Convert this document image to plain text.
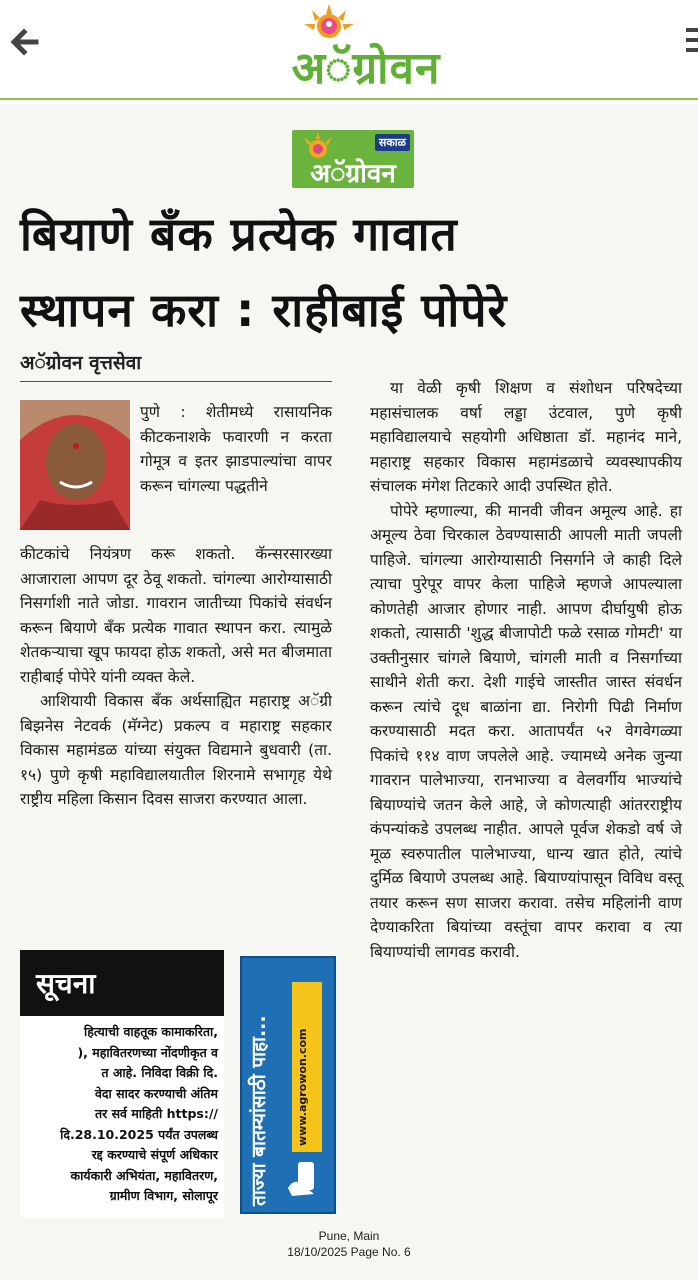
अॅग्रोवन
सकाळ
अॅग्रोवन
बियाणे बँक प्रत्येक गावात
स्थापन करा : राहीबाई पोपेरे
अॅग्रोवन वृत्तसेवा
पुणे : शेतीमध्ये रासायनिक कीटकनाशके फवारणी न करता गोमूत्र व इतर झाडपाल्यांचा वापर करून चांगल्या पद्धतीने

कीटकांचे नियंत्रण करू शकतो. कॅन्सरसारख्या आजाराला आपण दूर ठेवू शकतो. चांगल्या आरोग्यासाठी निसर्गाशी नाते जोडा. गावरान जातीच्या पिकांचे संवर्धन करून बियाणे बँक प्रत्येक गावात स्थापन करा. त्यामुळे शेतकऱ्याचा खूप फायदा होऊ शकतो, असे मत बीजमाता राहीबाई पोपेरे यांनी व्यक्त केले.

आशियायी विकास बँक अर्थसाह्यित महाराष्ट्र अॅग्री बिझनेस नेटवर्क (मॅग्नेट) प्रकल्प व महाराष्ट्र सहकार विकास महामंडळ यांच्या संयुक्त विद्यमाने बुधवारी (ता. १५) पुणे कृषी महाविद्यालयातील शिरनामे सभागृह येथे राष्ट्रीय महिला किसान दिवस साजरा करण्यात आला.

या वेळी कृषी शिक्षण व संशोधन परिषदेच्या महासंचालक वर्षा लड्डा उंटवाल, पुणे कृषी महाविद्यालयाचे सहयोगी अधिष्ठाता डॉ. महानंद माने, महाराष्ट्र सहकार विकास महामंडळाचे व्यवस्थापकीय संचालक मंगेश तिटकारे आदी उपस्थित होते.

पोपेरे म्हणाल्या, की मानवी जीवन अमूल्य आहे. हा अमूल्य ठेवा चिरकाल ठेवण्यासाठी आपली माती जपली पाहिजे. चांगल्या आरोग्यासाठी निसर्गाने जे काही दिले त्याचा पुरेपूर वापर केला पाहिजे म्हणजे आपल्याला कोणतेही आजार होणार नाही. आपण दीर्घायुषी होऊ शकतो, त्यासाठी 'शुद्ध बीजापोटी फळे रसाळ गोमटी' या उक्तीनुसार चांगले बियाणे, चांगली माती व निसर्गाच्या साथीने शेती करा. देशी गाईचे जास्तीत जास्त संवर्धन करून त्यांचे दूध बाळांना द्या. निरोगी पिढी निर्माण करण्यासाठी मदत करा. आतापर्यंत ५२ वेगवेगळ्या पिकांचे ११४ वाण जपलेले आहे. ज्यामध्ये अनेक जुन्या गावरान पालेभाज्या, रानभाज्या व वेलवर्गीय भाज्यांचे बियाण्यांचे जतन केले आहे, जे कोणत्याही आंतरराष्ट्रीय कंपन्यांकडे उपलब्ध नाहीत. आपले पूर्वज शेकडो वर्ष जे मूळ स्वरुपातील पालेभाज्या, धान्य खात होते, त्यांचे दुर्मिळ बियाणे उपलब्ध आहे. बियाण्यांपासून विविध वस्तू तयार करून सण साजरा करावा. तसेच महिलांनी वाण देण्याकरिता बियांच्या वस्तूंचा वापर करावा व त्या बियाण्यांची लागवड करावी.

सूचना
हित्याची वाहतूक कामाकरिता,
), महावितरणच्या नोंदणीकृत व
त आहे. निविदा विक्री दि.
वेदा सादर करण्याची अंतिम
तर सर्व माहिती https://
दि.28.10.2025 पर्यंत उपलब्ध
रद्द करण्याचे संपूर्ण अधिकार
कार्यकारी अभियंता, महावितरण,
ग्रामीण विभाग, सोलापूर ताज्या बातम्यांसाठी पाहा...	www.agrowon.com
Pune, Main
18/10/2025 Page No. 6
